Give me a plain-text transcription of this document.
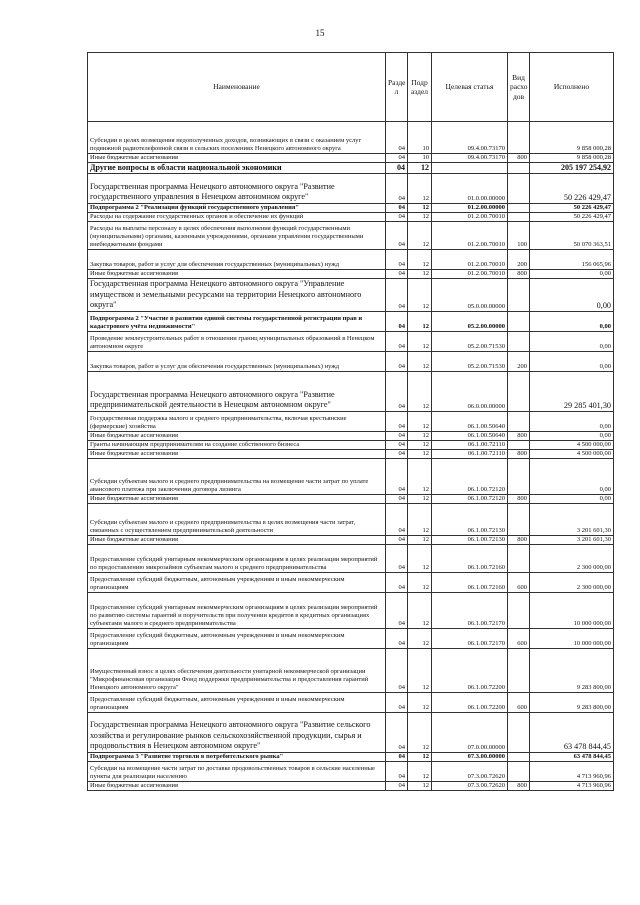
15
Наименование	Разде л	Подр аздел	Целевая статья	Вид расхо дов	Исполнено
Субсидии в целях возмещения недополученных доходов, возникающих в связи с оказанием услуг подвижной радиотелефонной связи в сельских поселениях Ненецкого автономного округа	04	10	09.4.00.73170		9 858 000,28
Иные бюджетные ассигнования	04	10	09.4.00.73170	800	9 858 000,28
Другие вопросы в области национальной экономики	04	12			205 197 254,92
Государственная программа Ненецкого автономного округа "Развитие государственного управления в Ненецком автономном округе"	04	12	01.0.00.00000		50 226 429,47
Подпрограмма 2 "Реализация функций государственного управления"	04	12	01.2.00.00000		50 226 429,47
Расходы на содержание государственных органов и обеспечение их функций	04	12	01.2.00.70010		50 226 429,47
Расходы на выплаты персоналу в целях обеспечения выполнения функций государственными (муниципальными) органами, казенными учреждениями, органами управления государственными внебюджетными фондами	04	12	01.2.00.70010	100	50 070 363,51
Закупка товаров, работ и услуг для обеспечения государственных (муниципальных) нужд	04	12	01.2.00.70010	200	156 065,96
Иные бюджетные ассигнования	04	12	01.2.00.70010	800	0,00
Государственная программа Ненецкого автономного округа "Управление имуществом и земельными ресурсами на территории Ненецкого автономного округа"	04	12	05.0.00.00000		0,00
Подпрограмма 2 "Участие в развитии единой системы государственной регистрации прав и кадастрового учёта недвижимости"	04	12	05.2.00.00000		0,00
Проведение землеустроительных работ в отношении границ муниципальных образований в Ненецком автономном округе	04	12	05.2.00.71530		0,00
Закупка товаров, работ и услуг для обеспечения государственных (муниципальных) нужд	04	12	05.2.00.71530	200	0,00
Государственная программа Ненецкого автономного округа "Развитие предпринимательской деятельности в Ненецком автономном округе"	04	12	06.0.00.00000		29 285 401,30
Государственная поддержка малого и среднего предпринимательства, включая крестьянские (фермерские) хозяйства	04	12	06.1.00.50640		0,00
Иные бюджетные ассигнования	04	12	06.1.00.50640	800	0,00
Гранты начинающим предпринимателям на создание собственного бизнеса	04	12	06.1.00.72110		4 500 000,00
Иные бюджетные ассигнования	04	12	06.1.00.72110	800	4 500 000,00
Субсидии субъектам малого и среднего предпринимательства на возмещение части затрат по уплате авансового платежа при заключении договора лизинга	04	12	06.1.00.72120		0,00
Иные бюджетные ассигнования	04	12	06.1.00.72120	800	0,00
Субсидии субъектам малого и среднего предпринимательства в целях возмещения части затрат, связанных с осуществлением предпринимательской деятельности	04	12	06.1.00.72130		3 201 601,30
Иные бюджетные ассигнования	04	12	06.1.00.72130	800	3 201 601,30
Предоставление субсидий унитарным некоммерческим организациям в целях реализации мероприятий по предоставлению микрозаймов субъектам малого и среднего предпринимательства	04	12	06.1.00.72160		2 300 000,00
Предоставление субсидий бюджетным, автономным учреждениям и иным некоммерческим организациям	04	12	06.1.00.72160	600	2 300 000,00
Предоставление субсидий унитарным некоммерческим организациям в целях реализации мероприятий по развитию системы гарантий и поручительств при получении кредитов в кредитных организациях субъектами малого и среднего предпринимательства	04	12	06.1.00.72170		10 000 000,00
Предоставление субсидий бюджетным, автономным учреждениям и иным некоммерческим организациям	04	12	06.1.00.72170	600	10 000 000,00
Имущественный взнос в целях обеспечения деятельности унитарной некоммерческой организации "Микрофинансовая организация Фонд поддержки предпринимательства и предоставления гарантий Ненецкого автономного округа"	04	12	06.1.00.72200		9 283 800,00
Предоставление субсидий бюджетным, автономным учреждениям и иным некоммерческим организациям	04	12	06.1.00.72200	600	9 283 800,00
Государственная программа Ненецкого автономного округа "Развитие сельского хозяйства и регулирование рынков сельскохозяйственной продукции, сырья и продовольствия в Ненецком автономном округе"	04	12	07.0.00.00000		63 478 844,45
Подпрограмма 3 "Развитие торговли в потребительского рынка"	04	12	07.3.00.00000		63 478 844,45
Субсидии на возмещение части затрат по доставке продовольственных товаров в сельские населенные пункты для реализации населению	04	12	07.3.00.72620		4 713 960,96
Иные бюджетные ассигнования	04	12	07.3.00.72620	800	4 713 960,96
